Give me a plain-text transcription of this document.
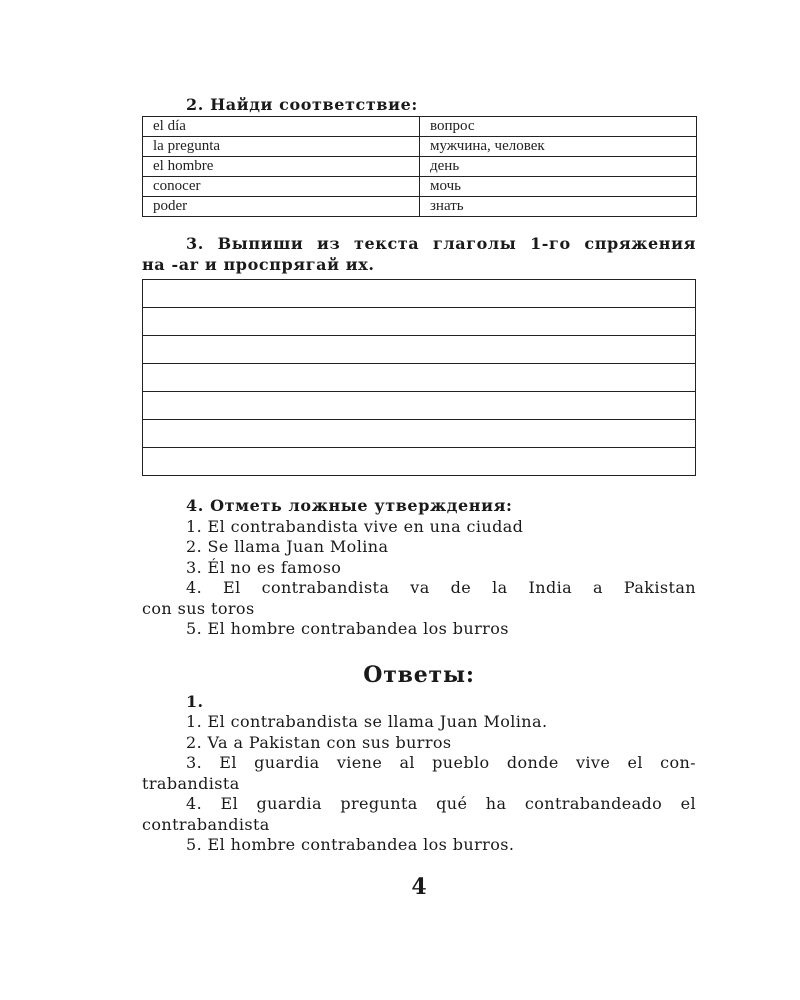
2. Найди соответствие:

el día	вопрос
la pregunta	мужчина, человек
el hombre	день
conocer	мочь
poder	знать
3. Выпиши из текста глаголы 1-го спряжения
на -ar и проспрягай их.
4. Отметь ложные утверждения:
1. El contrabandista vive en una ciudad
2. Se llama Juan Molina
3. Él no es famoso
4. El contrabandista va de la India a Pakistan
con sus toros
5. El hombre contrabandea los burros
Ответы:
1.
1. El contrabandista se llama Juan Molina.
2. Va a Pakistan con sus burros
3. El guardia viene al pueblo donde vive el con-
trabandista
4. El guardia pregunta qué ha contrabandeado el
contrabandista
5. El hombre contrabandea los burros.
4
